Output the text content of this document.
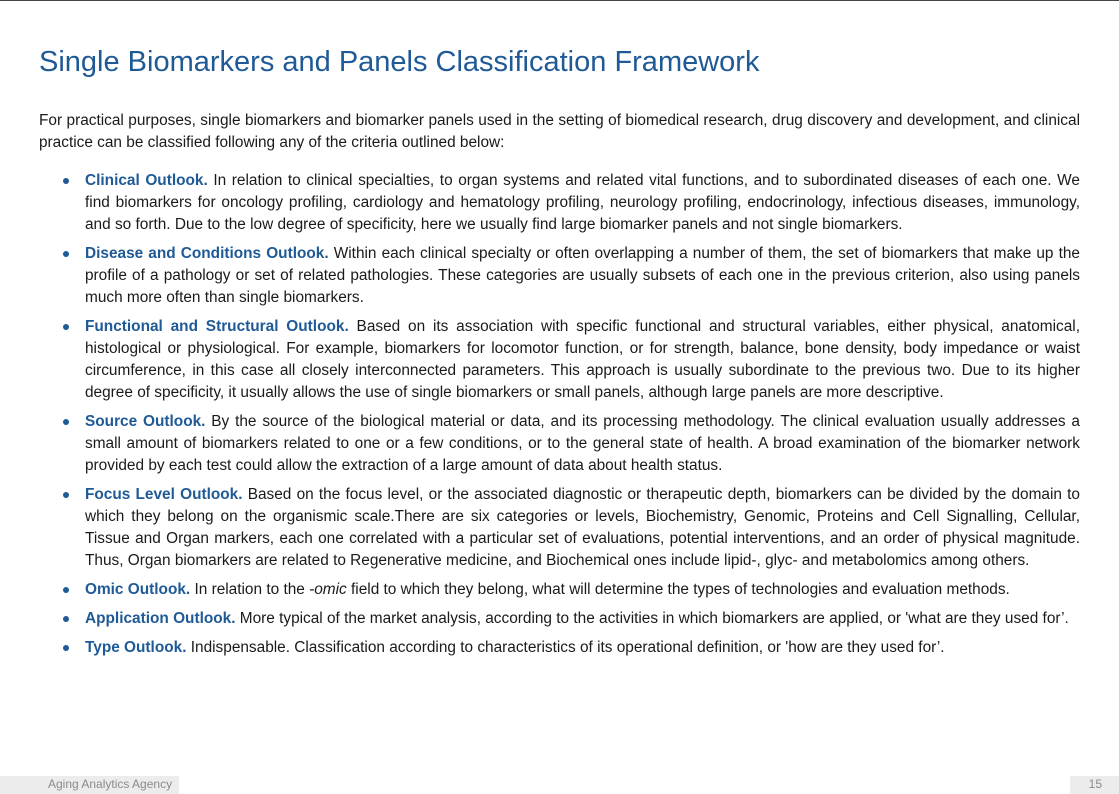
Single Biomarkers and Panels Classification Framework

For practical purposes, single biomarkers and biomarker panels used in the setting of biomedical research, drug discovery and development, and clinical practice can be classified following any of the criteria outlined below:

Clinical Outlook. In relation to clinical specialties, to organ systems and related vital functions, and to subordinated diseases of each one. We find biomarkers for oncology profiling, cardiology and hematology profiling, neurology profiling, endocrinology, infectious diseases, immunology, and so forth. Due to the low degree of specificity, here we usually find large biomarker panels and not single biomarkers.
Disease and Conditions Outlook. Within each clinical specialty or often overlapping a number of them, the set of biomarkers that make up the profile of a pathology or set of related pathologies. These categories are usually subsets of each one in the previous criterion, also using panels much more often than single biomarkers.
Functional and Structural Outlook. Based on its association with specific functional and structural variables, either physical, anatomical, histological or physiological. For example, biomarkers for locomotor function, or for strength, balance, bone density, body impedance or waist circumference, in this case all closely interconnected parameters. This approach is usually subordinate to the previous two. Due to its higher degree of specificity, it usually allows the use of single biomarkers or small panels, although large panels are more descriptive.
Source Outlook. By the source of the biological material or data, and its processing methodology. The clinical evaluation usually addresses a small amount of biomarkers related to one or a few conditions, or to the general state of health. A broad examination of the biomarker network provided by each test could allow the extraction of a large amount of data about health status.
Focus Level Outlook. Based on the focus level, or the associated diagnostic or therapeutic depth, biomarkers can be divided by the domain to which they belong on the organismic scale.There are six categories or levels, Biochemistry, Genomic, Proteins and Cell Signalling, Cellular, Tissue and Organ markers, each one correlated with a particular set of evaluations, potential interventions, and an order of physical magnitude. Thus, Organ biomarkers are related to Regenerative medicine, and Biochemical ones include lipid-, glyc- and metabolomics among others.
Omic Outlook. In relation to the -omic field to which they belong, what will determine the types of technologies and evaluation methods.
Application Outlook. More typical of the market analysis, according to the activities in which biomarkers are applied, or 'what are they used for’.
Type Outlook. Indispensable. Classification according to characteristics of its operational definition, or 'how are they used for’.
Aging Analytics Agency	15
